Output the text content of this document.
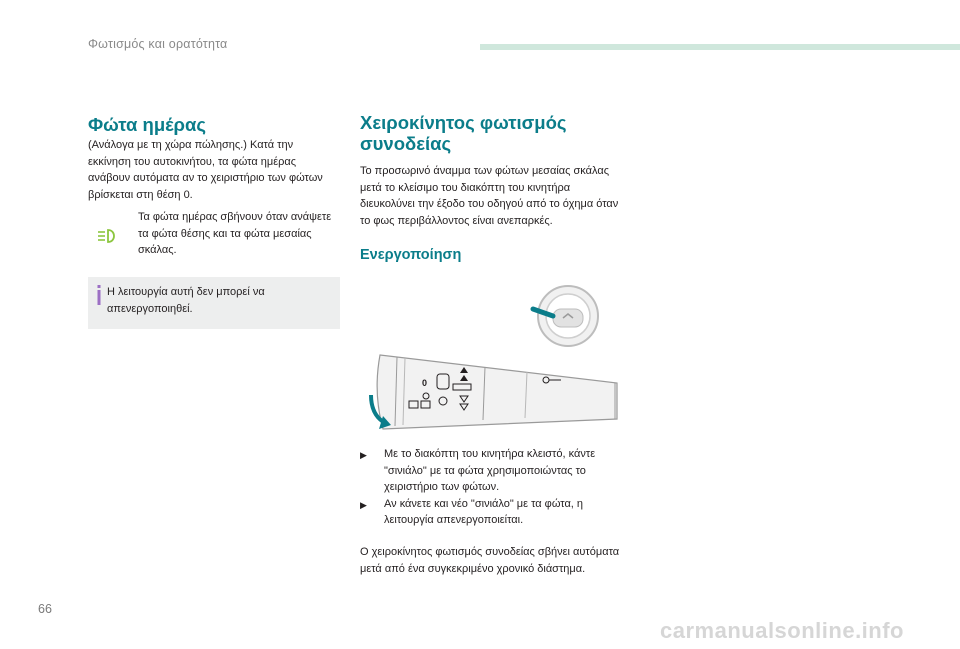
Φωτισμός και ορατότητα
Φώτα ημέρας
(Ανάλογα με τη χώρα πώλησης.) Κατά την εκκίνηση του αυτοκινήτου, τα φώτα ημέρας ανάβουν αυτόματα αν το χειριστήριο των φώτων βρίσκεται στη θέση 0.
Τα φώτα ημέρας σβήνουν όταν ανάψετε τα φώτα θέσης και τα φώτα μεσαίας σκάλας.
Η λειτουργία αυτή δεν μπορεί να απενεργοποιηθεί.
Χειροκίνητος φωτισμός συνοδείας
Το προσωρινό άναμμα των φώτων μεσαίας σκάλας μετά το κλείσιμο του διακόπτη του κινητήρα διευκολύνει την έξοδο του οδηγού από το όχημα όταν το φως περιβάλλοντος είναι ανεπαρκές.
Ενεργοποίηση
0
▶	Με το διακόπτη του κινητήρα κλειστό, κάντε "σινιάλο" με τα φώτα χρησιμοποιώντας το χειριστήριο των φώτων.
▶	Αν κάνετε και νέο "σινιάλο" με τα φώτα, η λειτουργία απενεργοποιείται.
Ο χειροκίνητος φωτισμός συνοδείας σβήνει αυτόματα μετά από ένα συγκεκριμένο χρονικό διάστημα.
66
carmanualsonline.info
